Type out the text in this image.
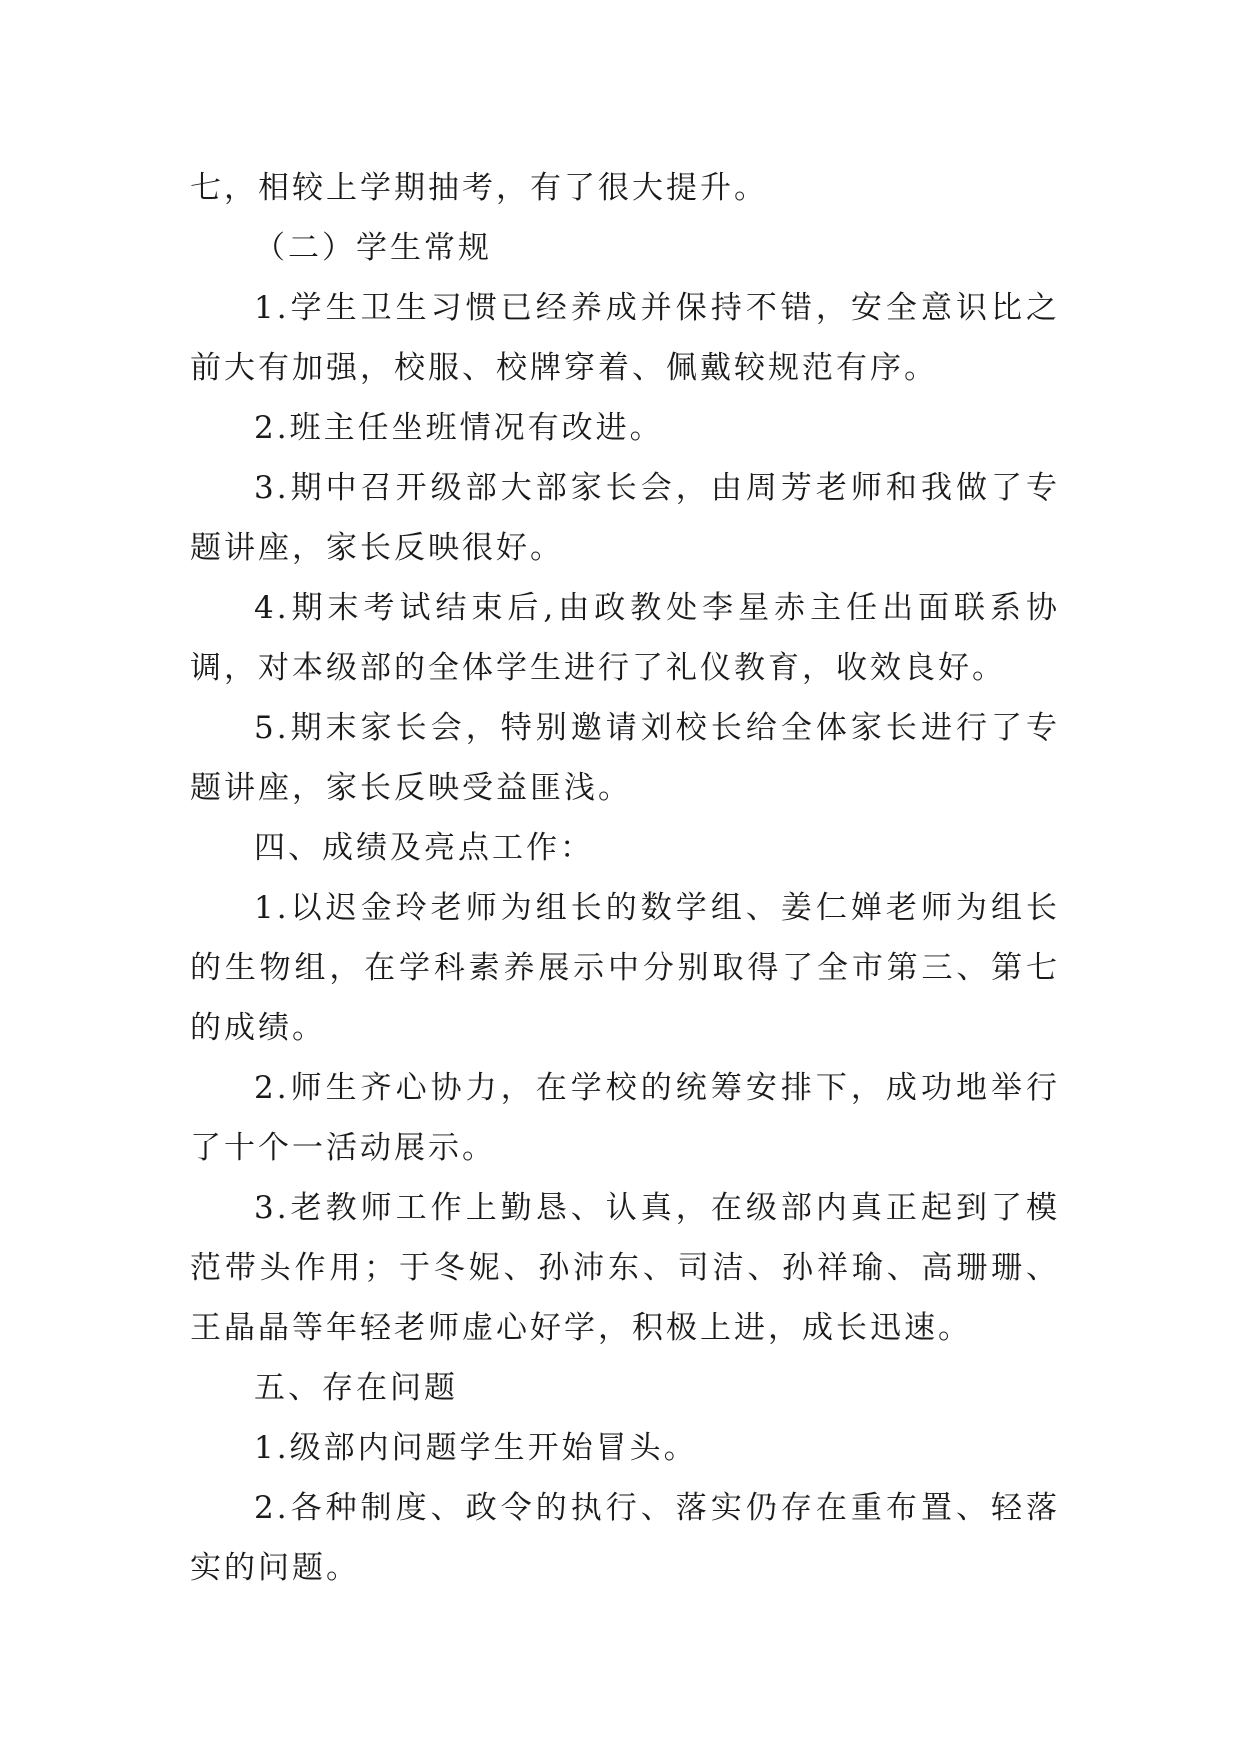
七，相较上学期抽考，有了很大提升。

（二）学生常规

1.学生卫生习惯已经养成并保持不错，安全意识比之前大有加强，校服、校牌穿着、佩戴较规范有序。

2.班主任坐班情况有改进。

3.期中召开级部大部家长会，由周芳老师和我做了专题讲座，家长反映很好。

4.期末考试结束后,由政教处李星赤主任出面联系协调，对本级部的全体学生进行了礼仪教育，收效良好。

5.期末家长会，特别邀请刘校长给全体家长进行了专题讲座，家长反映受益匪浅。

四、成绩及亮点工作：

1.以迟金玲老师为组长的数学组、姜仁婵老师为组长的生物组，在学科素养展示中分别取得了全市第三、第七的成绩。

2.师生齐心协力，在学校的统筹安排下，成功地举行了十个一活动展示。

3.老教师工作上勤恳、认真，在级部内真正起到了模范带头作用；于冬妮、孙沛东、司洁、孙祥瑜、高珊珊、王晶晶等年轻老师虚心好学，积极上进，成长迅速。

五、存在问题

1.级部内问题学生开始冒头。

2.各种制度、政令的执行、落实仍存在重布置、轻落实的问题。
